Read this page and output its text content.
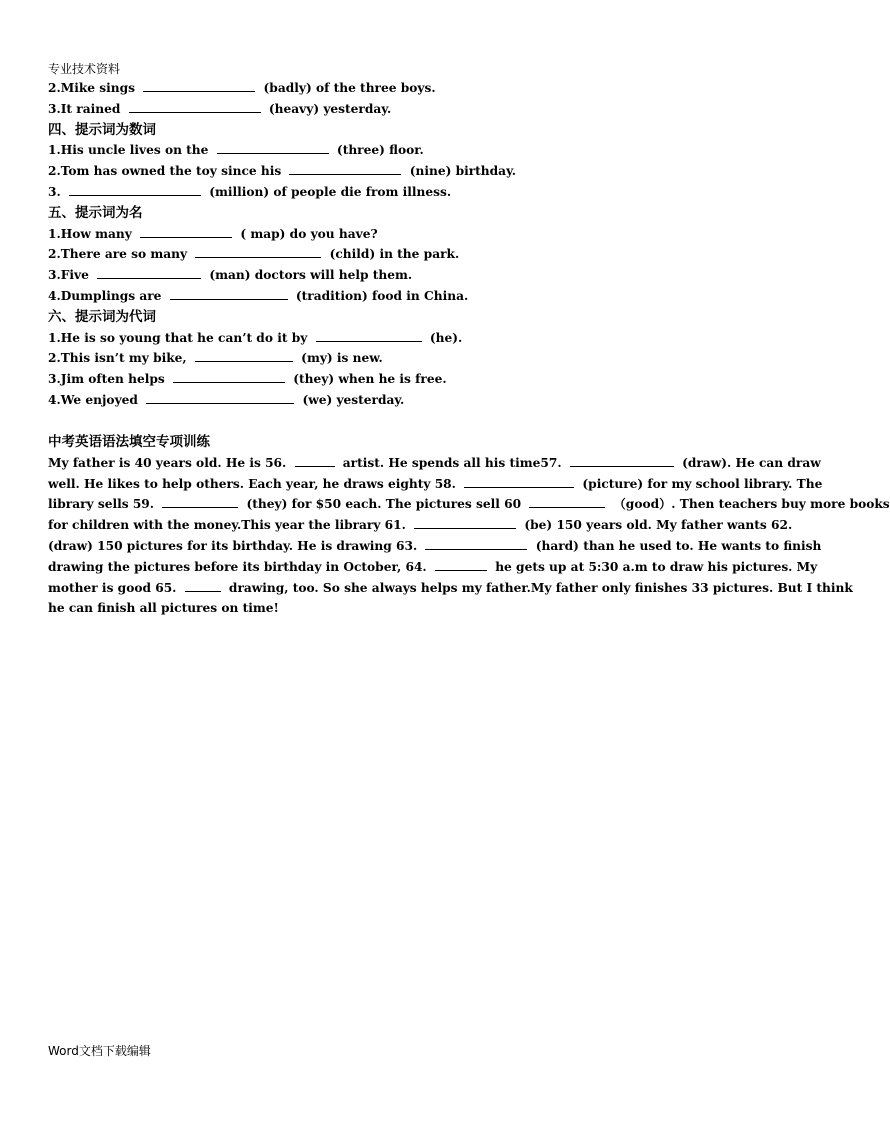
专业技术资料
2.Mike sings	(badly) of the three boys.
3.It rained	(heavy) yesterday.
四、提示词为数词
1.His uncle lives on the	(three) floor.
2.Tom has owned the toy since his	(nine) birthday.
3.	(million) of people die from illness.
五、提示词为名
1.How many	( map) do you have?
2.There are so many	(child) in the park.
3.Five	(man) doctors will help them.
4.Dumplings are	(tradition) food in China.
六、提示词为代词
1.He is so young that he can’t do it by	(he).
2.This isn’t my bike,	(my) is new.
3.Jim often helps	(they) when he is free.
4.We enjoyed	(we) yesterday.
中考英语语法填空专项训练
My father is 40 years old. He is 56.	artist. He spends all his time57.	(draw). He can draw
well. He likes to help others. Each year, he draws eighty 58.	(picture) for my school library. The
library sells 59.	(they) for $50 each. The pictures sell 60	（good）. Then teachers buy more books
for children with the money.This year the library 61.	(be) 150 years old. My father wants 62.
(draw) 150 pictures for its birthday. He is drawing 63.	(hard) than he used to. He wants to finish
drawing the pictures before its birthday in October, 64.	he gets up at 5:30 a.m to draw his pictures. My
mother is good 65.	drawing, too. So she always helps my father.My father only finishes 33 pictures. But I think
he can finish all pictures on time!
Word文档下载编辑
